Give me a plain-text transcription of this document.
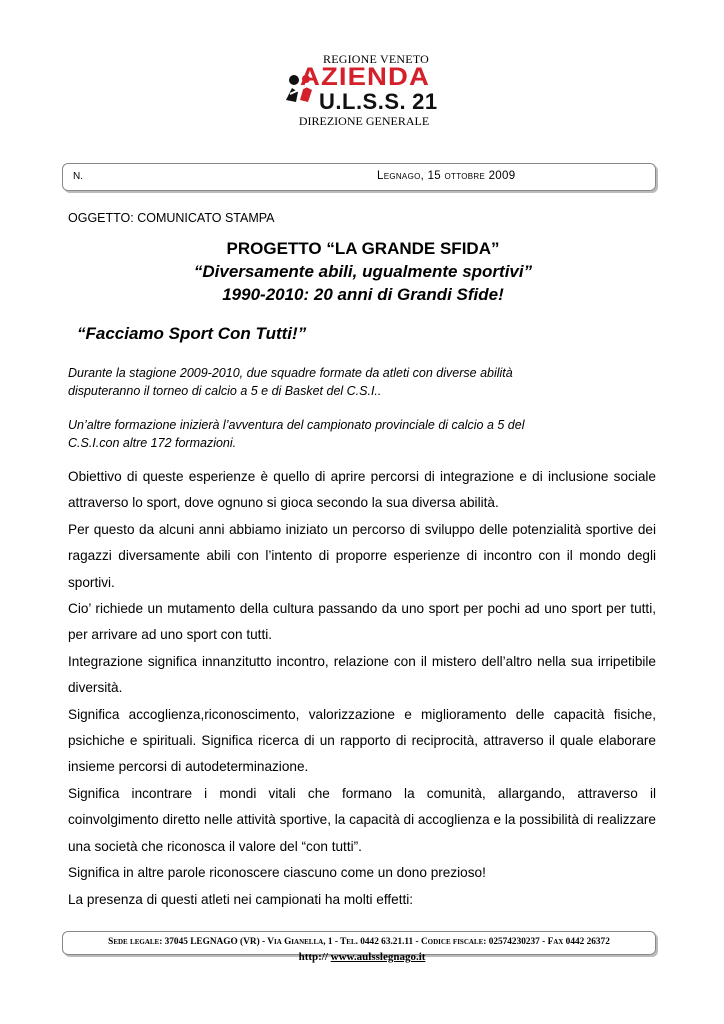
REGIONE VENETO
AZIENDA
U.L.S.S. 21
DIREZIONE GENERALE
N.	Legnago, 15 ottobre 2009
OGGETTO: COMUNICATO STAMPA
PROGETTO “LA GRANDE SFIDA”
“Diversamente abili, ugualmente sportivi”
1990-2010: 20 anni di Grandi Sfide!
“Facciamo Sport Con Tutti!”
Durante la stagione 2009-2010, due squadre formate da atleti con diverse abilità
disputeranno il torneo di calcio a 5 e di Basket del C.S.I..
Un’altre formazione inizierà l’avventura del campionato provinciale di calcio a 5 del
C.S.I.con altre 172 formazioni.

Obiettivo di queste esperienze è quello di aprire percorsi di integrazione e di inclusione sociale attraverso lo sport, dove ognuno si gioca secondo la sua diversa abilità.

Per questo da alcuni anni abbiamo iniziato un percorso di sviluppo delle potenzialità sportive dei ragazzi diversamente abili con l’intento di proporre esperienze di incontro con il mondo degli sportivi.

Cio’ richiede un mutamento della cultura passando da uno sport per pochi ad uno sport per tutti, per arrivare ad uno sport con tutti.

Integrazione significa innanzitutto incontro, relazione con il mistero dell’altro nella sua irripetibile diversità.

Significa accoglienza,riconoscimento, valorizzazione e miglioramento delle capacità fisiche, psichiche e spirituali. Significa ricerca di un rapporto di reciprocità, attraverso il quale elaborare insieme percorsi di autodeterminazione.

Significa incontrare i mondi vitali che formano la comunità, allargando, attraverso il coinvolgimento diretto nelle attività sportive, la capacità di accoglienza e la possibilità di realizzare una società che riconosca il valore del “con tutti”.

Significa in altre parole riconoscere ciascuno come un dono prezioso!

La presenza di questi atleti nei campionati ha molti effetti:

Sede legale: 37045 LEGNAGO (VR) - Via Gianella, 1 - Tel. 0442 63.21.11 - Codice fiscale: 02574230237 - Fax 0442 26372
http:// www.aulsslegnago.it
